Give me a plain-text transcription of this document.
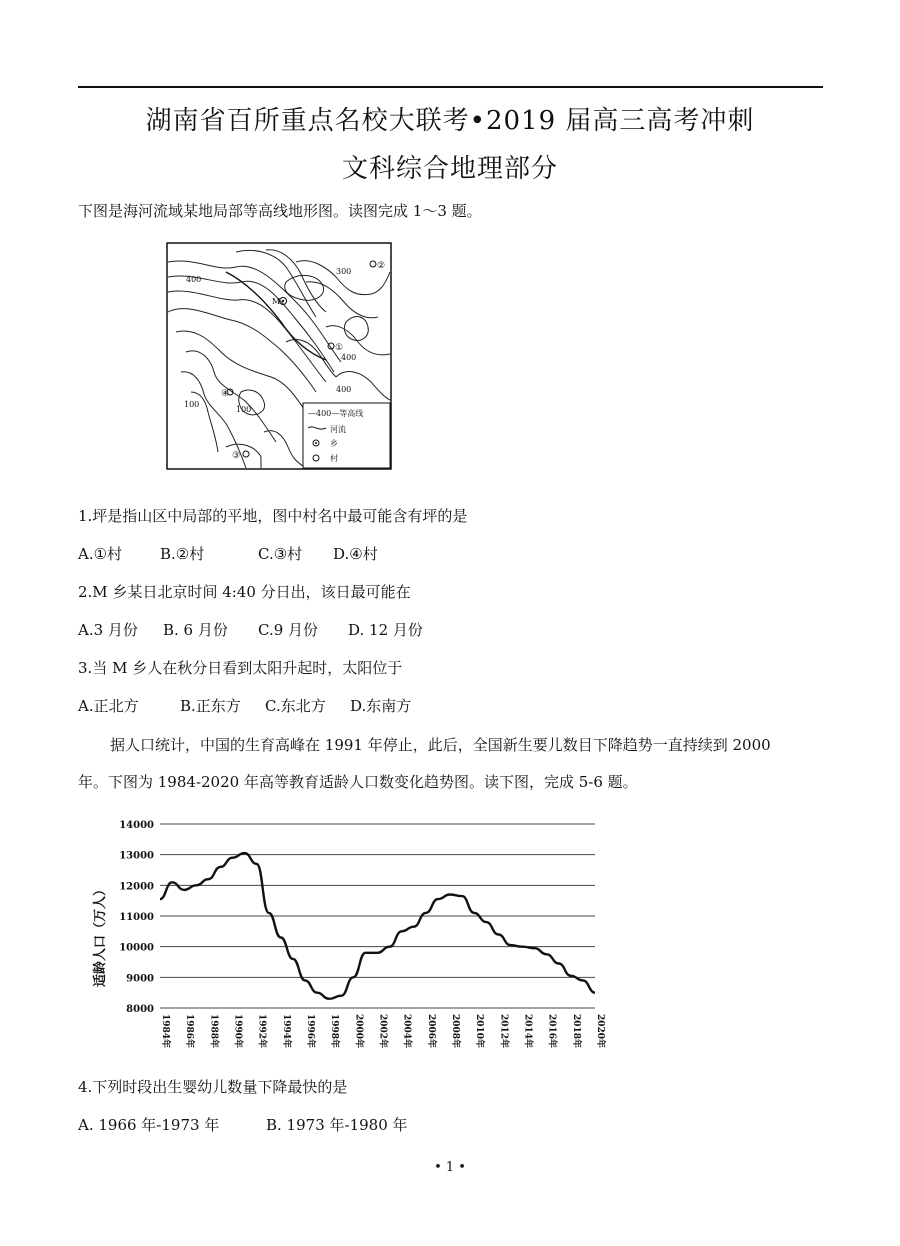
湖南省百所重点名校大联考•2019 届高三高考冲刺
文科综合地理部分
下图是海河流域某地局部等高线地形图。读图完成 1～3 题。
400
300
400
400
100
100
M
①
②
③
④
—400—等高线
河流
乡
村
1.坪是指山区中局部的平地，图中村名中最可能含有坪的是
A.①村	B.②村	C.③村 D.④村
2.M 乡某日北京时间 4:40 分日出，该日最可能在
A.3 月份 B. 6 月份 C.9 月份 D. 12 月份
3.当 M 乡人在秋分日看到太阳升起时，太阳位于
A.正北方	B.正东方 C.东北方 D.东南方
据人口统计，中国的生育高峰在 1991 年停止，此后，全国新生要儿数目下降趋势一直持续到 2000
年。下图为 1984-2020 年高等教育适龄人口数变化趋势图。读下图，完成 5-6 题。
14000
13000
12000
11000
10000
9000
8000
1984年 1986年 1988年 1990年 1992年 1994年 1996年 1998年 2000年 2002年 2004年 2006年 2008年 2010年 2012年 2014年 2016年 2018年 2020年
适龄人口（万人）
4.下列时段出生婴幼儿数量下降最快的是
A. 1966 年-1973 年	B. 1973 年-1980 年
• 1 •
